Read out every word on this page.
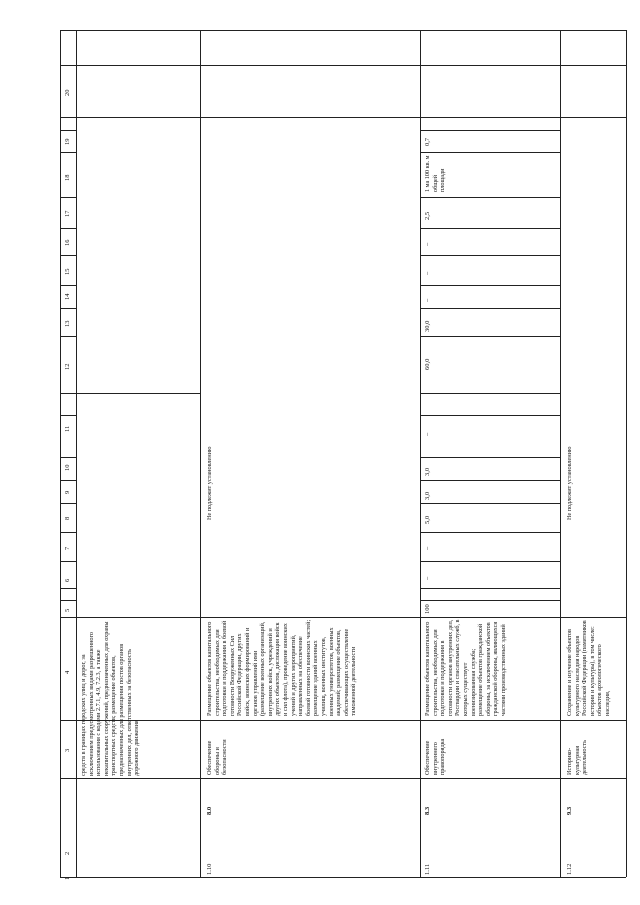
1
2
3
4
5
6
7
8
9
10
11
12
13
14
15
16
17
18
19
20
средств в границах городских улиц и дорог, за исключением предусмотренных видами разрешенного использования с кодами 2.7.1, 4.9, 7.2.3, а также некапитальных сооружений, предназначенных для охраны транспортных средств; размещение объектов, предназначенных для размещения постов органов внутренних дел, ответственных за безопасность дорожного движения
1.10
8.0
Обеспечение обороны и безопасности
Размещение объектов капитального строительства, необходимых для подготовки и поддержания в боевой готовности Вооруженных Сил Российской Федерации, других войск, воинских формирований и органов управлений ими (размещение военных организаций, внутренних войск, учреждений и других объектов, дислокация войск и сил флота), проведение воинских учений и других мероприятий, направленных на обеспечение боевой готовности воинских частей; размещение зданий военных училищ, военных институтов, военных университетов, военных академий; размещение объектов, обеспечивающих осуществление таможенной деятельности
Не подлежит установлению
1.11
8.3
Обеспечение внутреннего правопорядка
Размещение объектов капитального строительства, необходимых для подготовки и поддержания в готовности органов внутренних дел, Росгвардии и спасательных служб, в которых существует военизированная служба; размещение объектов гражданской обороны, за исключением объектов гражданской обороны, являющихся частями производственных зданий
100
–
–
5,0
3,0
3,0
–
60,0
30,0
–
–
–
2,5
1 ма 100 кв. м общей площади
0,7
1.12
9.3
Историко-культурная деятельность
Сохранение и изучение объектов культурного наследия народов Российской Федерации (памятников истории и культуры), в том числе: объектов археологического наследия,
Не подлежит установлению
